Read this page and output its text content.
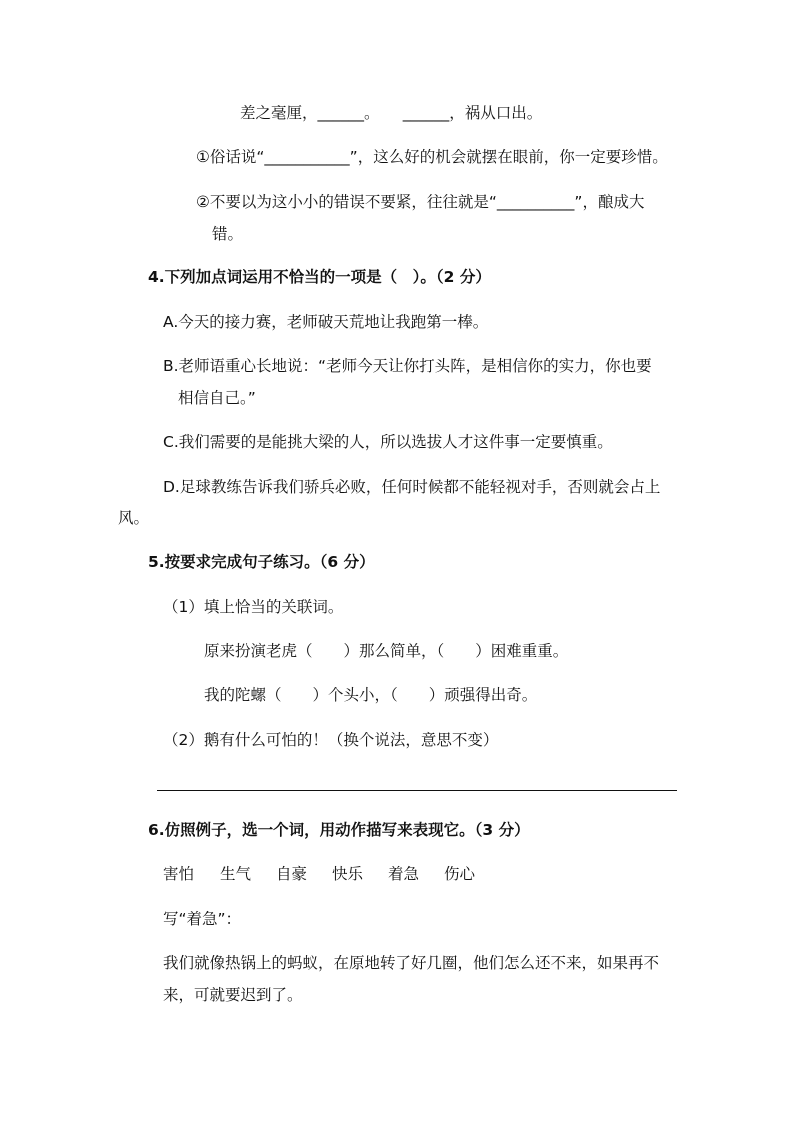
差之毫厘，______。　　______，祸从口出。
①俗话说“___________”，这么好的机会就摆在眼前，你一定要珍惜。
②不要以为这小小的错误不要紧，往往就是“__________”，酿成大
错。
4.下列加点词运用不恰当的一项是（　）。（2 分）
A.今天的接力赛，老师破天荒地让我跑第一棒。
B.老师语重心长地说：“老师今天让你打头阵，是相信你的实力，你也要
相信自己。”
C.我们需要的是能挑大梁的人，所以选拔人才这件事一定要慎重。
D.足球教练告诉我们骄兵必败，任何时候都不能轻视对手，否则就会占上
风。
5.按要求完成句子练习。（6 分）
（1）填上恰当的关联词。
原来扮演老虎（　　）那么简单，（　　）困难重重。
我的陀螺（　　）个头小，（　　）顽强得出奇。
（2）鹅有什么可怕的！（换个说法，意思不变）
6.仿照例子，选一个词，用动作描写来表现它。（3 分）
害怕 生气 自豪 快乐 着急 伤心
写“着急”：
我们就像热锅上的蚂蚁，在原地转了好几圈，他们怎么还不来，如果再不
来，可就要迟到了。
